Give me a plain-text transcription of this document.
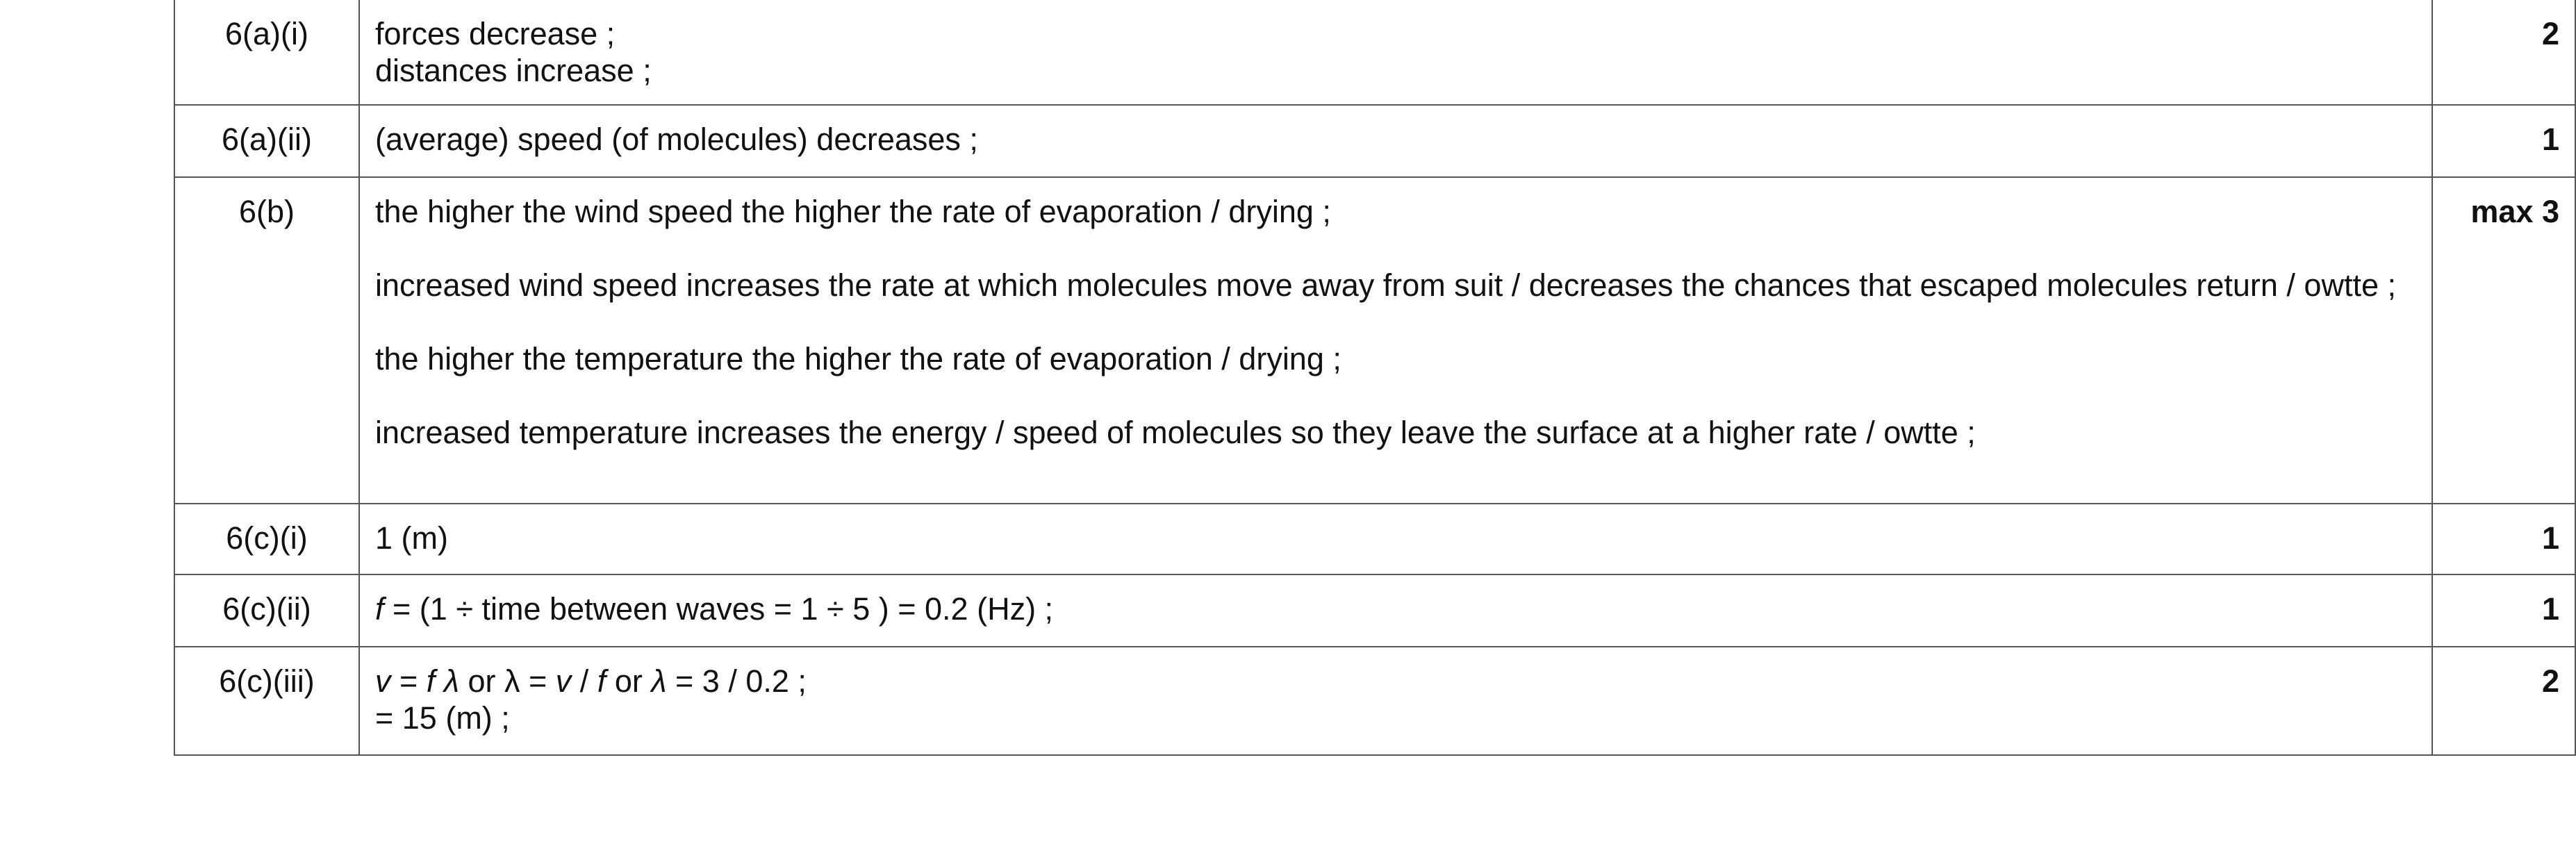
6(a)(i)	forces decrease ;
distances increase ;	2
6(a)(ii)	(average) speed (of molecules) decreases ;	1
6(b)	the higher the wind speed the higher the rate of evaporation / drying ;
increased wind speed increases the rate at which molecules move away from suit / decreases the chances that escaped molecules return / owtte ;
the higher the temperature the higher the rate of evaporation / drying ;
increased temperature increases the energy / speed of molecules so they leave the surface at a higher rate / owtte ;	max 3
6(c)(i)	1 (m)	1
6(c)(ii)	f = (1 ÷ time between waves = 1 ÷ 5 ) = 0.2 (Hz) ;	1
6(c)(iii)	v = f λ or λ = v / f or λ = 3 / 0.2 ;
= 15 (m) ;	2
